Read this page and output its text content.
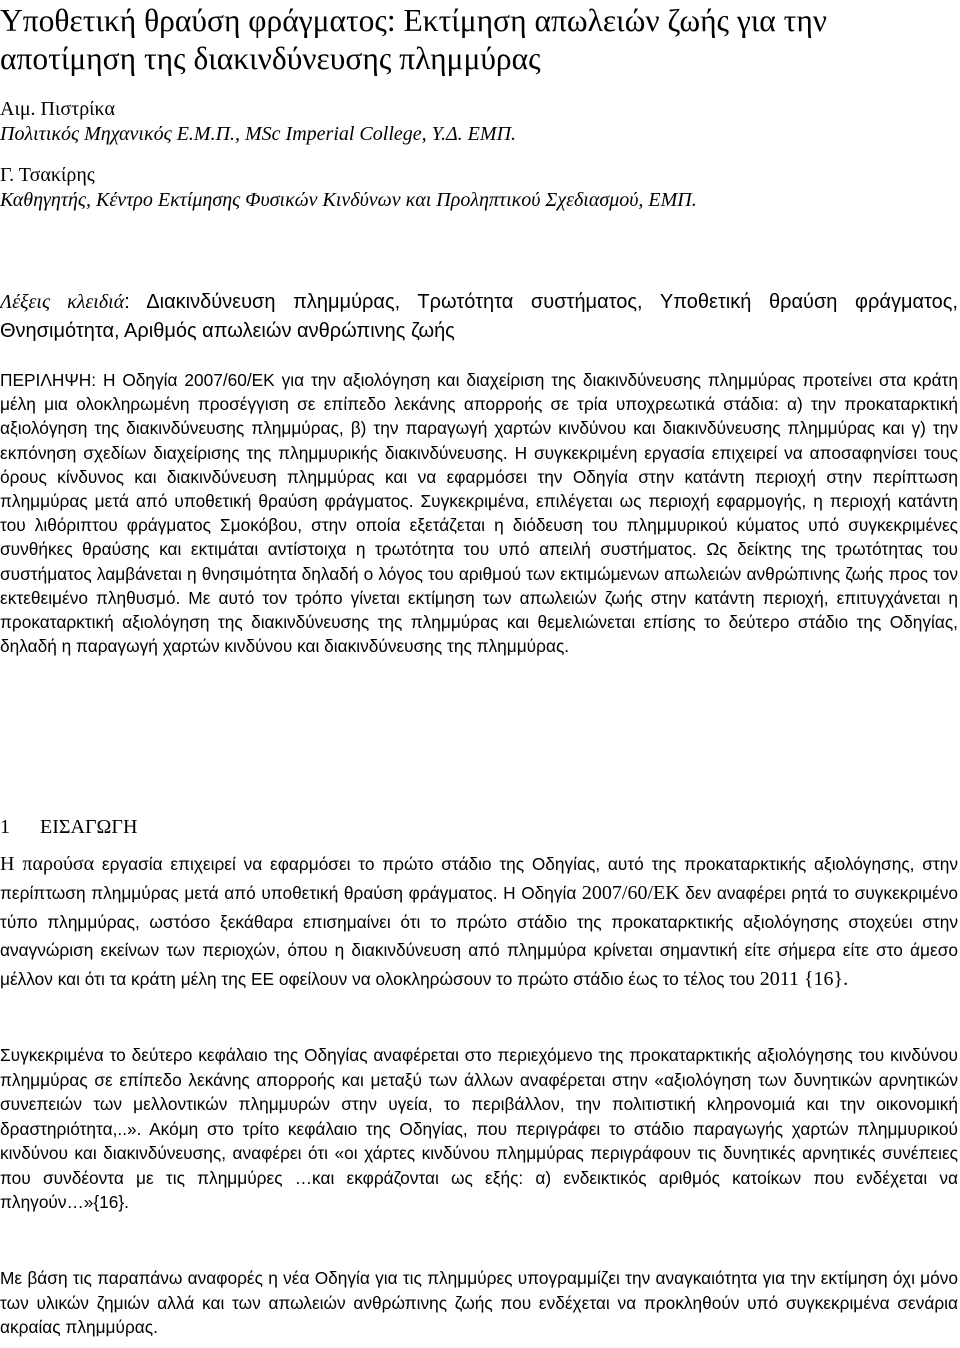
Υποθετική θραύση φράγματος: Εκτίμηση απωλειών ζωής για την αποτίμηση της διακινδύνευσης πλημμύρας
Αιμ. Πιστρίκα
Πολιτικός Μηχανικός Ε.Μ.Π., MSc Imperial College, Υ.Δ. ΕΜΠ.
Γ. Τσακίρης
Καθηγητής, Κέντρο Εκτίμησης Φυσικών Κινδύνων και Προληπτικού Σχεδιασμού, ΕΜΠ.
Λέξεις κλειδιά: Διακινδύνευση πλημμύρας, Τρωτότητα συστήματος, Υποθετική θραύση φράγματος, Θνησιμότητα, Αριθμός απωλειών ανθρώπινης ζωής
ΠΕΡΙΛΗΨΗ: Η Οδηγία 2007/60/ΕΚ για την αξιολόγηση και διαχείριση της διακινδύνευσης πλημμύρας προτείνει στα κράτη μέλη μια ολοκληρωμένη προσέγγιση σε επίπεδο λεκάνης απορροής σε τρία υποχρεωτικά στάδια: α) την προκαταρκτική αξιολόγηση της διακινδύνευσης πλημμύρας, β) την παραγωγή χαρτών κινδύνου και διακινδύνευσης πλημμύρας και γ) την εκπόνηση σχεδίων διαχείρισης της πλημμυρικής διακινδύνευσης. Η συγκεκριμένη εργασία επιχειρεί να αποσαφηνίσει τους όρους κίνδυνος και διακινδύνευση πλημμύρας και να εφαρμόσει την Οδηγία στην κατάντη περιοχή στην περίπτωση πλημμύρας μετά από υποθετική θραύση φράγματος. Συγκεκριμένα, επιλέγεται ως περιοχή εφαρμογής, η περιοχή κατάντη του λιθόριπτου φράγματος Σμοκόβου, στην οποία εξετάζεται η διόδευση του πλημμυρικού κύματος υπό συγκεκριμένες συνθήκες θραύσης και εκτιμάται αντίστοιχα η τρωτότητα του υπό απειλή συστήματος. Ως δείκτης της τρωτότητας του συστήματος λαμβάνεται η θνησιμότητα δηλαδή ο λόγος του αριθμού των εκτιμώμενων απωλειών ανθρώπινης ζωής προς τον εκτεθειμένο πληθυσμό. Με αυτό τον τρόπο γίνεται εκτίμηση των απωλειών ζωής στην κατάντη περιοχή, επιτυγχάνεται η προκαταρκτική αξιολόγηση της διακινδύνευσης της πλημμύρας και θεμελιώνεται επίσης το δεύτερο στάδιο της Οδηγίας, δηλαδή η παραγωγή χαρτών κινδύνου και διακινδύνευσης της πλημμύρας.
1 ΕΙΣΑΓΩΓΗ
Η παρούσα εργασία επιχειρεί να εφαρμόσει το πρώτο στάδιο της Οδηγίας, αυτό της προκαταρκτικής αξιολόγησης, στην περίπτωση πλημμύρας μετά από υποθετική θραύση φράγματος. Η Οδηγία 2007/60/ΕΚ δεν αναφέρει ρητά το συγκεκριμένο τύπο πλημμύρας, ωστόσο ξεκάθαρα επισημαίνει ότι το πρώτο στάδιο της προκαταρκτικής αξιολόγησης στοχεύει στην αναγνώριση εκείνων των περιοχών, όπου η διακινδύνευση από πλημμύρα κρίνεται σημαντική είτε σήμερα είτε στο άμεσο μέλλον και ότι τα κράτη μέλη της ΕΕ οφείλουν να ολοκληρώσουν το πρώτο στάδιο έως το τέλος του 2011 {16}.
Συγκεκριμένα το δεύτερο κεφάλαιο της Οδηγίας αναφέρεται στο περιεχόμενο της προκαταρκτικής αξιολόγησης του κινδύνου πλημμύρας σε επίπεδο λεκάνης απορροής και μεταξύ των άλλων αναφέρεται στην «αξιολόγηση των δυνητικών αρνητικών συνεπειών των μελλοντικών πλημμυρών στην υγεία, το περιβάλλον, την πολιτιστική κληρονομιά και την οικονομική δραστηριότητα,..». Ακόμη στο τρίτο κεφάλαιο της Οδηγίας, που περιγράφει το στάδιο παραγωγής χαρτών πλημμυρικού κινδύνου και διακινδύνευσης, αναφέρει ότι «οι χάρτες κινδύνου πλημμύρας περιγράφουν τις δυνητικές αρνητικές συνέπειες που συνδέοντα με τις πλημμύρες …και εκφράζονται ως εξής: α) ενδεικτικός αριθμός κατοίκων που ενδέχεται να πληγούν…»{16}.
Με βάση τις παραπάνω αναφορές η νέα Οδηγία για τις πλημμύρες υπογραμμίζει την αναγκαιότητα για την εκτίμηση όχι μόνο των υλικών ζημιών αλλά και των απωλειών ανθρώπινης ζωής που ενδέχεται να προκληθούν υπό συγκεκριμένα σενάρια ακραίας πλημμύρας.
